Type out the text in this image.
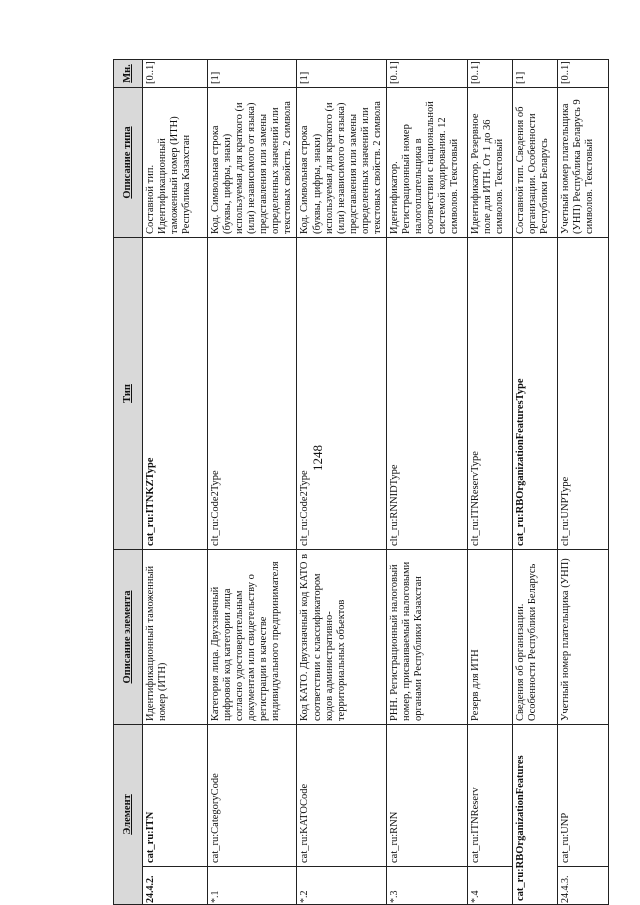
1248
Элемент		Описание элемента	Тип	Описание типа	Мн.
24.4.2.	cat_ru:ITN	Идентификационный таможенный номер (ИТН)	cat_ru:ITNKZType	Составной тип. Идентификационный таможенный номер (ИТН) Республика Казахстан	[0..1]
*.1	cat_ru:CategoryCode	Категория лица. Двухзначный цифровой код категории лица согласно удостоверительным документам или свидетельству о регистрации в качестве индивидуального предпринимателя	clt_ru:Code2Type	Код. Символьная строка (буквы, цифры, знаки) используемая для краткого (и (или) независимого от языка) представления или замены определенных значений или текстовых свойств. 2 символа	[1]
*.2	cat_ru:KATOCode	Код КАТО. Двухзначный код КАТО в соответствии с классификатором кодов административно-территориальных объектов	clt_ru:Code2Type	Код. Символьная строка (буквы, цифры, знаки) используемая для краткого (и (или) независимого от языка) представления или замены определенных значений или текстовых свойств. 2 символа	[1]
*.3	cat_ru:RNN	РНН. Регистрационный налоговый номер, присваиваемый налоговыми органами Республики Казахстан	clt_ru:RNNIDType	Идентификатор. Регистрационный номер налогоплательщика в соответствии с национальной системой кодирования. 12 символов. Текстовый	[0..1]
*.4	cat_ru:ITNReserv	Резерв для ИТН	clt_ru:ITNReservType	Идентификатор. Резервное поле для ИТН. От 1 до 36 символов. Текстовый	[0..1]
cat_ru:RBOrganizationFeatures		Сведения об организации. Особенности Республики Беларусь	cat_ru:RBOrganizationFeaturesType	Составной тип. Сведения об организации. Особенности Республики Беларусь	[1]
24.4.3.	cat_ru:UNP	Учетный номер плательщика (УНП)	clt_ru:UNPType	Учетный номер плательщика (УНП) Республика Беларусь 9 символов. Текстовый	[0..1]
